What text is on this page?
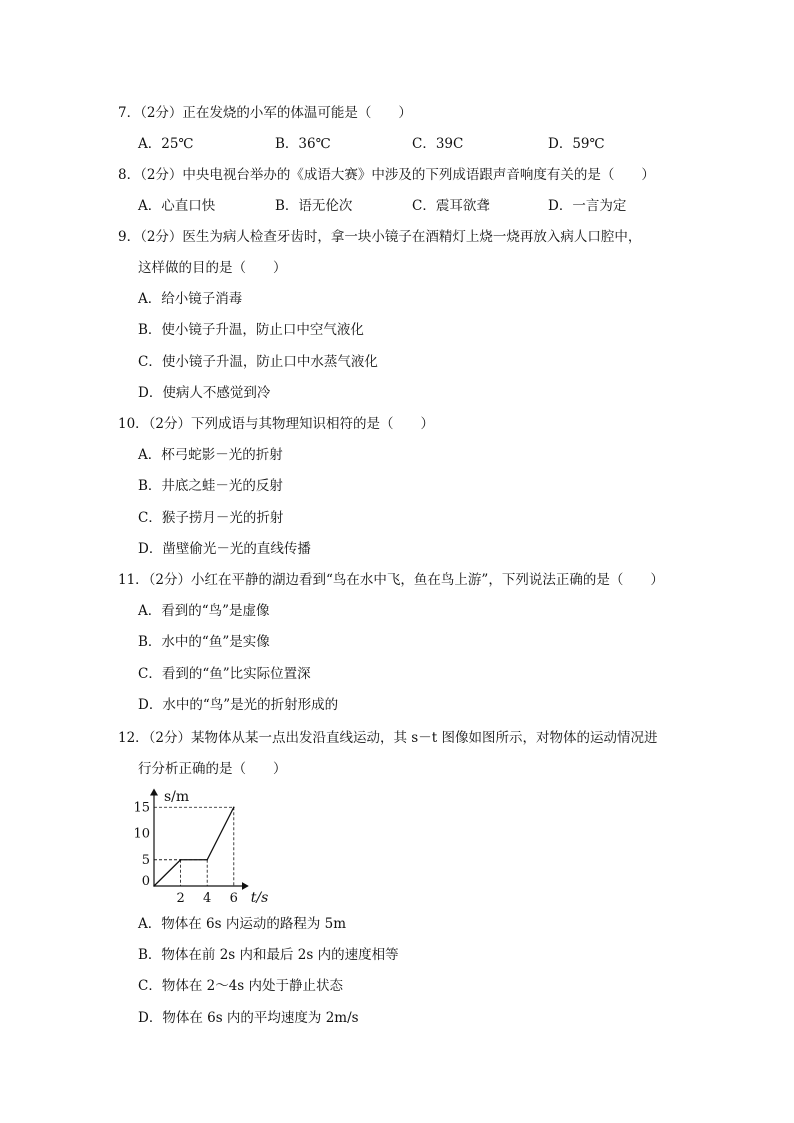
7．（2分）正在发烧的小军的体温可能是（　　）
A．25℃	B．36℃	C．39C	D．59℃
8．（2分）中央电视台举办的《成语大赛》中涉及的下列成语跟声音响度有关的是（　　）
A．心直口快	B．语无伦次	C．震耳欲聋	D．一言为定
9．（2分）医生为病人检查牙齿时，拿一块小镜子在酒精灯上烧一烧再放入病人口腔中，
这样做的目的是（　　）
A．给小镜子消毒
B．使小镜子升温，防止口中空气液化
C．使小镜子升温，防止口中水蒸气液化
D．使病人不感觉到冷
10．（2分）下列成语与其物理知识相符的是（　　）
A．杯弓蛇影－光的折射
B．井底之蛙－光的反射
C．猴子捞月－光的折射
D．凿壁偷光－光的直线传播
11．（2分）小红在平静的湖边看到“鸟在水中飞，鱼在鸟上游”，下列说法正确的是（　　）
A．看到的“鸟”是虚像
B．水中的“鱼”是实像
C．看到的“鱼”比实际位置深
D．水中的“鸟”是光的折射形成的
12．（2分）某物体从某一点出发沿直线运动，其 s－t 图像如图所示，对物体的运动情况进
行分析正确的是（　　）
2 4 6
15
10
5
0
s/m
t/s
A．物体在 6s 内运动的路程为 5m
B．物体在前 2s 内和最后 2s 内的速度相等
C．物体在 2～4s 内处于静止状态
D．物体在 6s 内的平均速度为 2m/s
